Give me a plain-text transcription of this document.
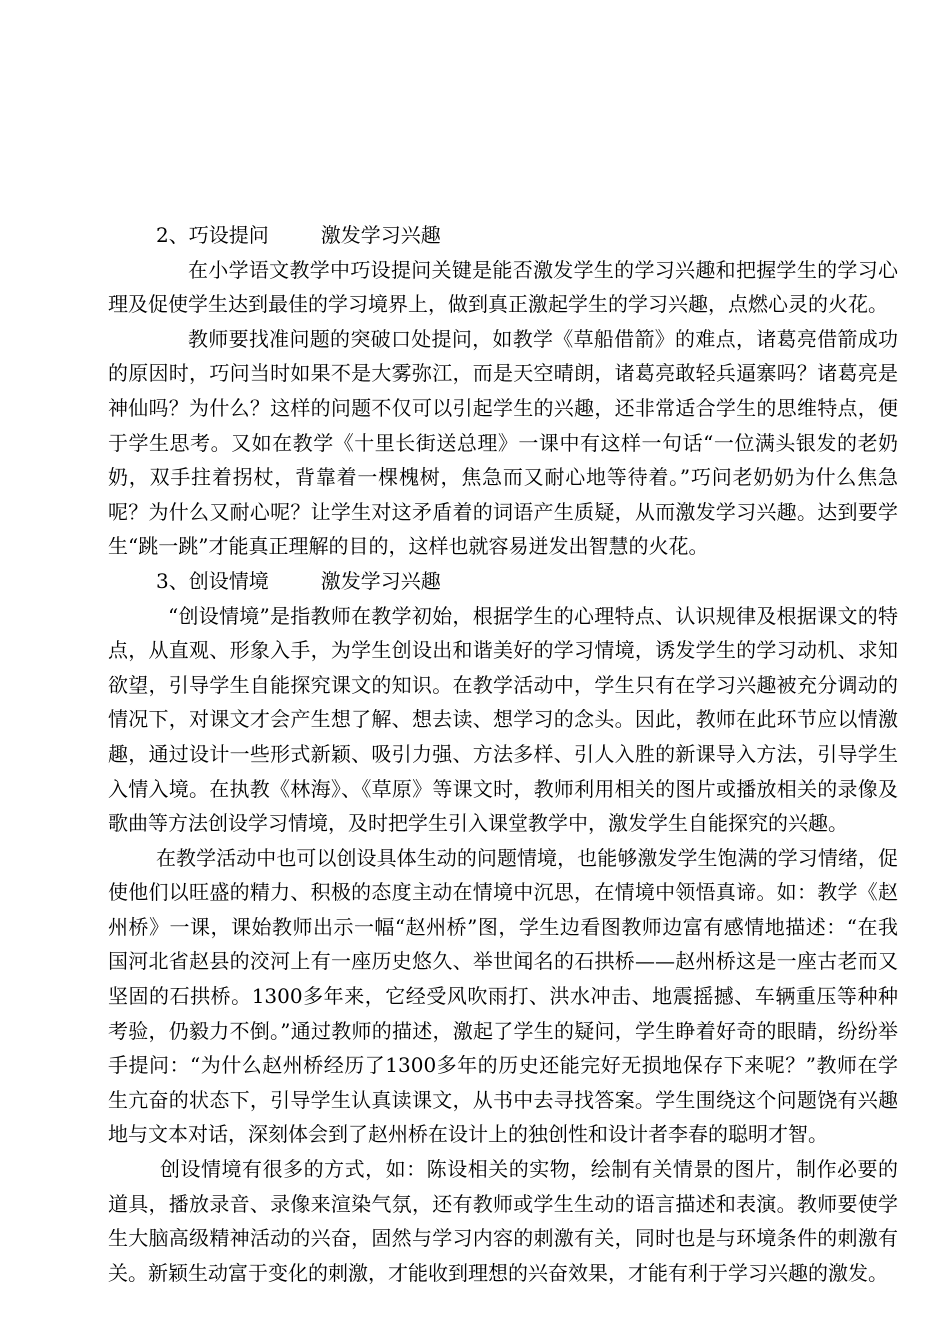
2、巧设提问	激发学习兴趣

在小学语文教学中巧设提问关键是能否激发学生的学习兴趣和把握学生的学习心理及促使学生达到最佳的学习境界上，做到真正激起学生的学习兴趣，点燃心灵的火花。

教师要找准问题的突破口处提问，如教学《草船借箭》的难点，诸葛亮借箭成功的原因时，巧问当时如果不是大雾弥江，而是天空晴朗，诸葛亮敢轻兵逼寨吗？诸葛亮是神仙吗？为什么？这样的问题不仅可以引起学生的兴趣，还非常适合学生的思维特点，便于学生思考。又如在教学《十里长街送总理》一课中有这样一句话“一位满头银发的老奶奶，双手拄着拐杖，背靠着一棵槐树，焦急而又耐心地等待着。”巧问老奶奶为什么焦急呢？为什么又耐心呢？让学生对这矛盾着的词语产生质疑，从而激发学习兴趣。达到要学生“跳一跳”才能真正理解的目的，这样也就容易迸发出智慧的火花。

3、创设情境	激发学习兴趣

“创设情境”是指教师在教学初始，根据学生的心理特点、认识规律及根据课文的特点，从直观、形象入手，为学生创设出和谐美好的学习情境，诱发学生的学习动机、求知欲望，引导学生自能探究课文的知识。在教学活动中，学生只有在学习兴趣被充分调动的情况下，对课文才会产生想了解、想去读、想学习的念头。因此，教师在此环节应以情激趣，通过设计一些形式新颖、吸引力强、方法多样、引人入胜的新课导入方法，引导学生入情入境。在执教《林海》、《草原》等课文时，教师利用相关的图片或播放相关的录像及歌曲等方法创设学习情境，及时把学生引入课堂教学中，激发学生自能探究的兴趣。

在教学活动中也可以创设具体生动的问题情境，也能够激发学生饱满的学习情绪，促使他们以旺盛的精力、积极的态度主动在情境中沉思，在情境中领悟真谛。如：教学《赵州桥》一课，课始教师出示一幅“赵州桥”图，学生边看图教师边富有感情地描述：“在我国河北省赵县的洨河上有一座历史悠久、举世闻名的石拱桥——赵州桥这是一座古老而又坚固的石拱桥。1300多年来，它经受风吹雨打、洪水冲击、地震摇撼、车辆重压等种种考验，仍毅力不倒。”通过教师的描述，激起了学生的疑问，学生睁着好奇的眼睛，纷纷举手提问：“为什么赵州桥经历了1300多年的历史还能完好无损地保存下来呢？”教师在学生亢奋的状态下，引导学生认真读课文，从书中去寻找答案。学生围绕这个问题饶有兴趣地与文本对话，深刻体会到了赵州桥在设计上的独创性和设计者李春的聪明才智。

创设情境有很多的方式，如：陈设相关的实物，绘制有关情景的图片，制作必要的道具，播放录音、录像来渲染气氛，还有教师或学生生动的语言描述和表演。教师要使学生大脑高级精神活动的兴奋，固然与学习内容的刺激有关，同时也是与环境条件的刺激有关。新颖生动富于变化的刺激，才能收到理想的兴奋效果，才能有利于学习兴趣的激发。
